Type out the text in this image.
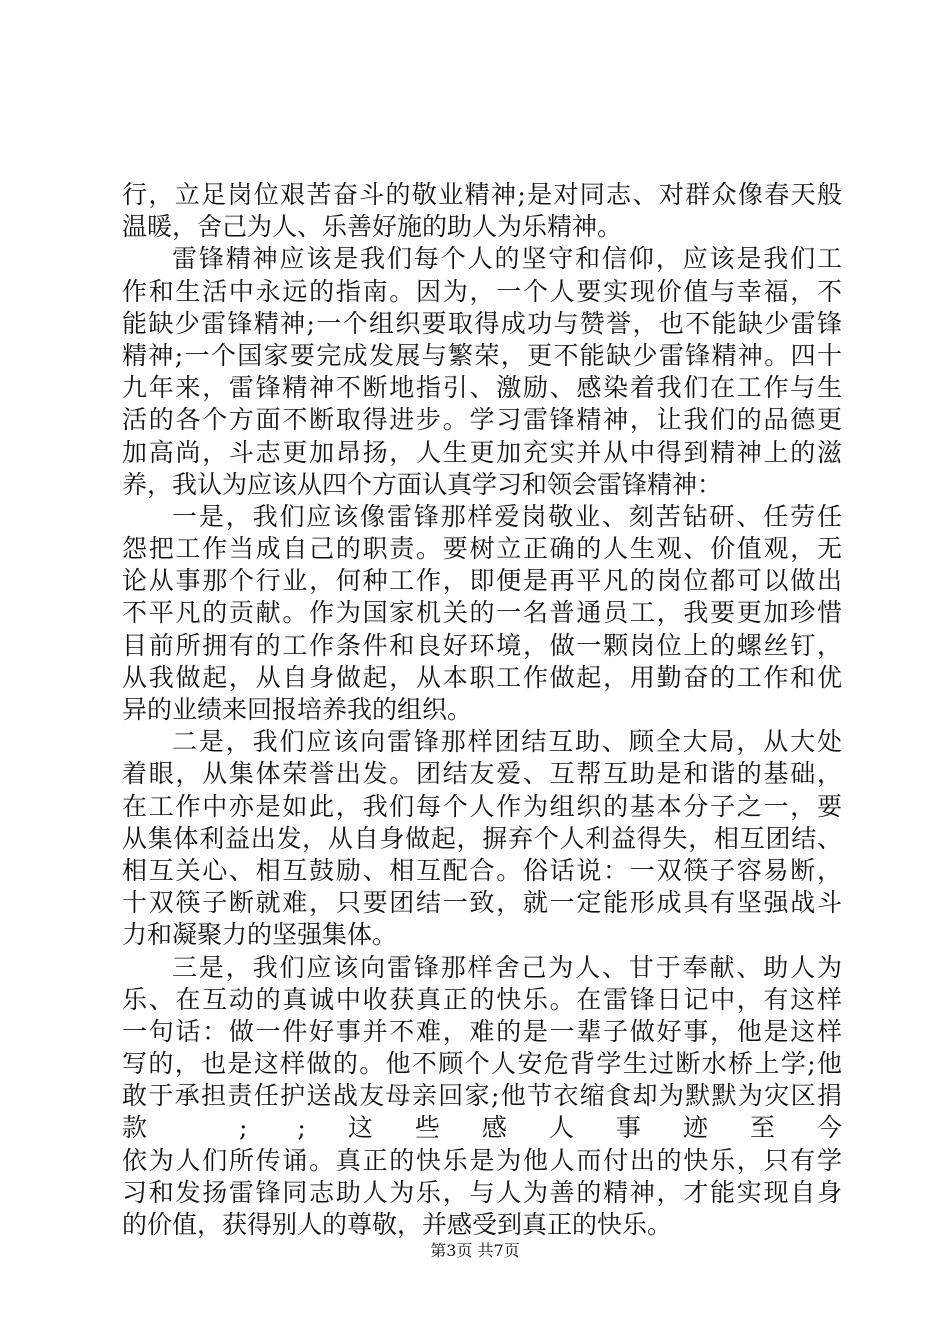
行，立足岗位艰苦奋斗的敬业精神;是对同志、对群众像春天般
温暖，舍己为人、乐善好施的助人为乐精神。
雷锋精神应该是我们每个人的坚守和信仰，应该是我们工
作和生活中永远的指南。因为，一个人要实现价值与幸福，不
能缺少雷锋精神;一个组织要取得成功与赞誉，也不能缺少雷锋
精神;一个国家要完成发展与繁荣，更不能缺少雷锋精神。四十
九年来，雷锋精神不断地指引、激励、感染着我们在工作与生
活的各个方面不断取得进步。学习雷锋精神，让我们的品德更
加高尚，斗志更加昂扬，人生更加充实并从中得到精神上的滋
养，我认为应该从四个方面认真学习和领会雷锋精神：
一是，我们应该像雷锋那样爱岗敬业、刻苦钻研、任劳任
怨把工作当成自己的职责。要树立正确的人生观、价值观，无
论从事那个行业，何种工作，即便是再平凡的岗位都可以做出
不平凡的贡献。作为国家机关的一名普通员工，我要更加珍惜
目前所拥有的工作条件和良好环境，做一颗岗位上的螺丝钉，
从我做起，从自身做起，从本职工作做起，用勤奋的工作和优
异的业绩来回报培养我的组织。
二是，我们应该向雷锋那样团结互助、顾全大局，从大处
着眼，从集体荣誉出发。团结友爱、互帮互助是和谐的基础，
在工作中亦是如此，我们每个人作为组织的基本分子之一，要
从集体利益出发，从自身做起，摒弃个人利益得失，相互团结、
相互关心、相互鼓励、相互配合。俗话说：一双筷子容易断，
十双筷子断就难，只要团结一致，就一定能形成具有坚强战斗
力和凝聚力的坚强集体。
三是，我们应该向雷锋那样舍己为人、甘于奉献、助人为
乐、在互动的真诚中收获真正的快乐。在雷锋日记中，有这样
一句话：做一件好事并不难，难的是一辈子做好事，他是这样
写的，也是这样做的。他不顾个人安危背学生过断水桥上学;他
敢于承担责任护送战友母亲回家;他节衣缩食却为默默为灾区捐
款 ; ;这些感人事迹至今
依为人们所传诵。真正的快乐是为他人而付出的快乐，只有学
习和发扬雷锋同志助人为乐，与人为善的精神，才能实现自身
的价值，获得别人的尊敬，并感受到真正的快乐。
第3页 共7页
